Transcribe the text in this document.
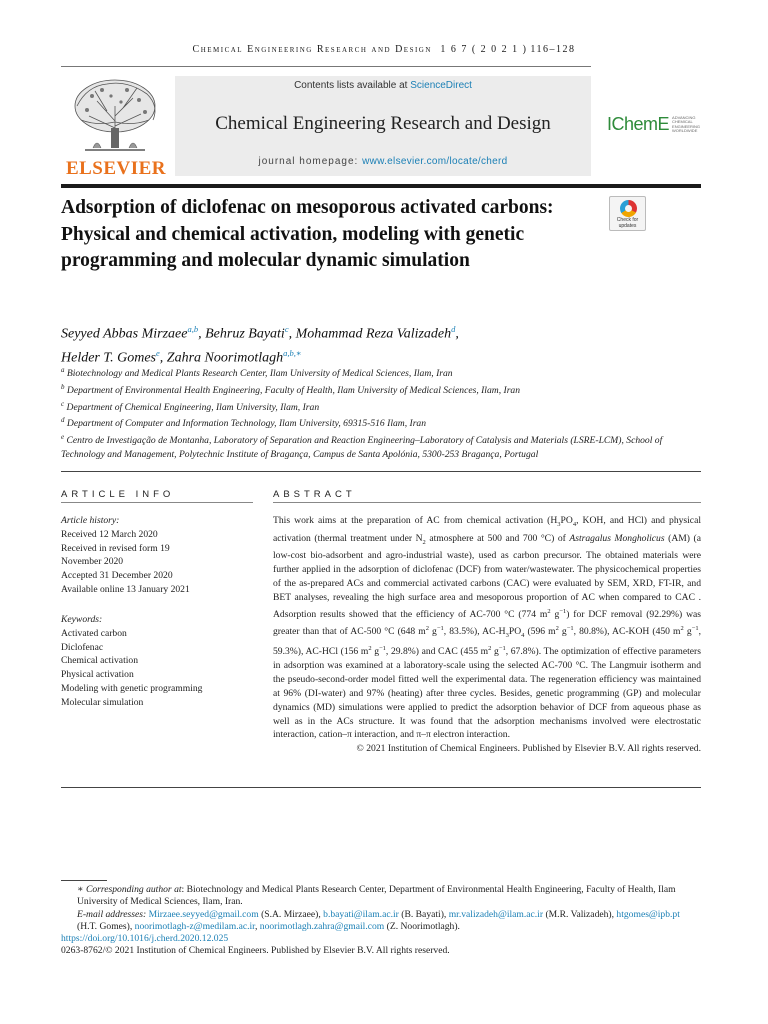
Chemical Engineering Research and Design 1 6 7 ( 2 0 2 1 ) 116–128
ELSEVIER
Contents lists available at ScienceDirect
Chemical Engineering Research and Design
journal homepage: www.elsevier.com/locate/cherd
IChemE ADVANCING
CHEMICAL
ENGINEERING
WORLDWIDE
Adsorption of diclofenac on mesoporous activated carbons: Physical and chemical activation, modeling with genetic programming and molecular dynamic simulation
Check for
updates
Seyyed Abbas Mirzaee$^{a,b}$, Behruz Bayati$^c$, Mohammad Reza Valizadeh$^d$,
Helder T. Gomes$^e$, Zahra Noorimotlagh$^{a,b,∗}$
$^a$ Biotechnology and Medical Plants Research Center, Ilam University of Medical Sciences, Ilam, Iran
$^b$ Department of Environmental Health Engineering, Faculty of Health, Ilam University of Medical Sciences, Ilam, Iran
$^c$ Department of Chemical Engineering, Ilam University, Ilam, Iran
$^d$ Department of Computer and Information Technology, Ilam University, 69315-516 Ilam, Iran
$^e$ Centro de Investigação de Montanha, Laboratory of Separation and Reaction Engineering–Laboratory of Catalysis and Materials (LSRE-LCM), School of Technology and Management, Polytechnic Institute of Bragança, Campus de Santa Apolónia, 5300-253 Bragança, Portugal
ARTICLE INFO	ABSTRACT
Article history:
Received 12 March 2020
Received in revised form 19 November 2020
Accepted 31 December 2020
Available online 13 January 2021
Keywords:
Activated carbon
Diclofenac
Chemical activation
Physical activation
Modeling with genetic programming
Molecular simulation
This work aims at the preparation of AC from chemical activation ($H_3PO_4$, KOH, and HCl) and physical activation (thermal treatment under $N_2$ atmosphere at 500 and 700 °C) of Astragalus Mongholicus (AM) (a low-cost bio-adsorbent and agro-industrial waste), used as carbon precursor. The obtained materials were further applied in the adsorption of diclofenac (DCF) from water/wastewater. The physicochemical properties of the as-prepared ACs and commercial activated carbons (CAC) were evaluated by SEM, XRD, FT-IR, and BET analyses, revealing the high surface area and mesoporous proportion of AC when compared to CAC . Adsorption results showed that the efficiency of AC-700 °C (774 $m^2$ $g^{-1}$) for DCF removal (92.29%) was greater than that of AC-500 °C (648 $m^2$ $g^{-1}$, 83.5%), $AC-H_3PO_4$ (596 $m^2$ $g^{-1}$, 80.8%), AC-KOH (450 $m^2$ $g^{-1}$, 59.3%), AC-HCl (156 $m^2$ $g^{-1}$, 29.8%) and CAC (455 $m^2$ $g^{-1}$, 67.8%). The optimization of effective parameters in adsorption was examined at a laboratory-scale using the selected AC-700 °C. The Langmuir isotherm and the pseudo-second-order model fitted well the experimental data. The regeneration efficiency was maintained at 96% (DI-water) and 97% (heating) after three cycles. Besides, genetic programming (GP) and molecular dynamics (MD) simulations were applied to predict the adsorption behavior of DCF from aqueous phase as well as in the ACs structure. It was found that the adsorption mechanisms involved were electrostatic interaction, cation–π interaction, and π–π electron interaction.
© 2021 Institution of Chemical Engineers. Published by Elsevier B.V. All rights reserved.
∗ Corresponding author at: Biotechnology and Medical Plants Research Center, Department of Environmental Health Engineering, Faculty of Health, Ilam University of Medical Sciences, Ilam, Iran.
E-mail addresses: Mirzaee.seyyed@gmail.com (S.A. Mirzaee), b.bayati@ilam.ac.ir (B. Bayati), mr.valizadeh@ilam.ac.ir (M.R. Valizadeh), htgomes@ipb.pt (H.T. Gomes), noorimotlagh-z@medilam.ac.ir, noorimotlagh.zahra@gmail.com (Z. Noorimotlagh).
https://doi.org/10.1016/j.cherd.2020.12.025
0263-8762/© 2021 Institution of Chemical Engineers. Published by Elsevier B.V. All rights reserved.
